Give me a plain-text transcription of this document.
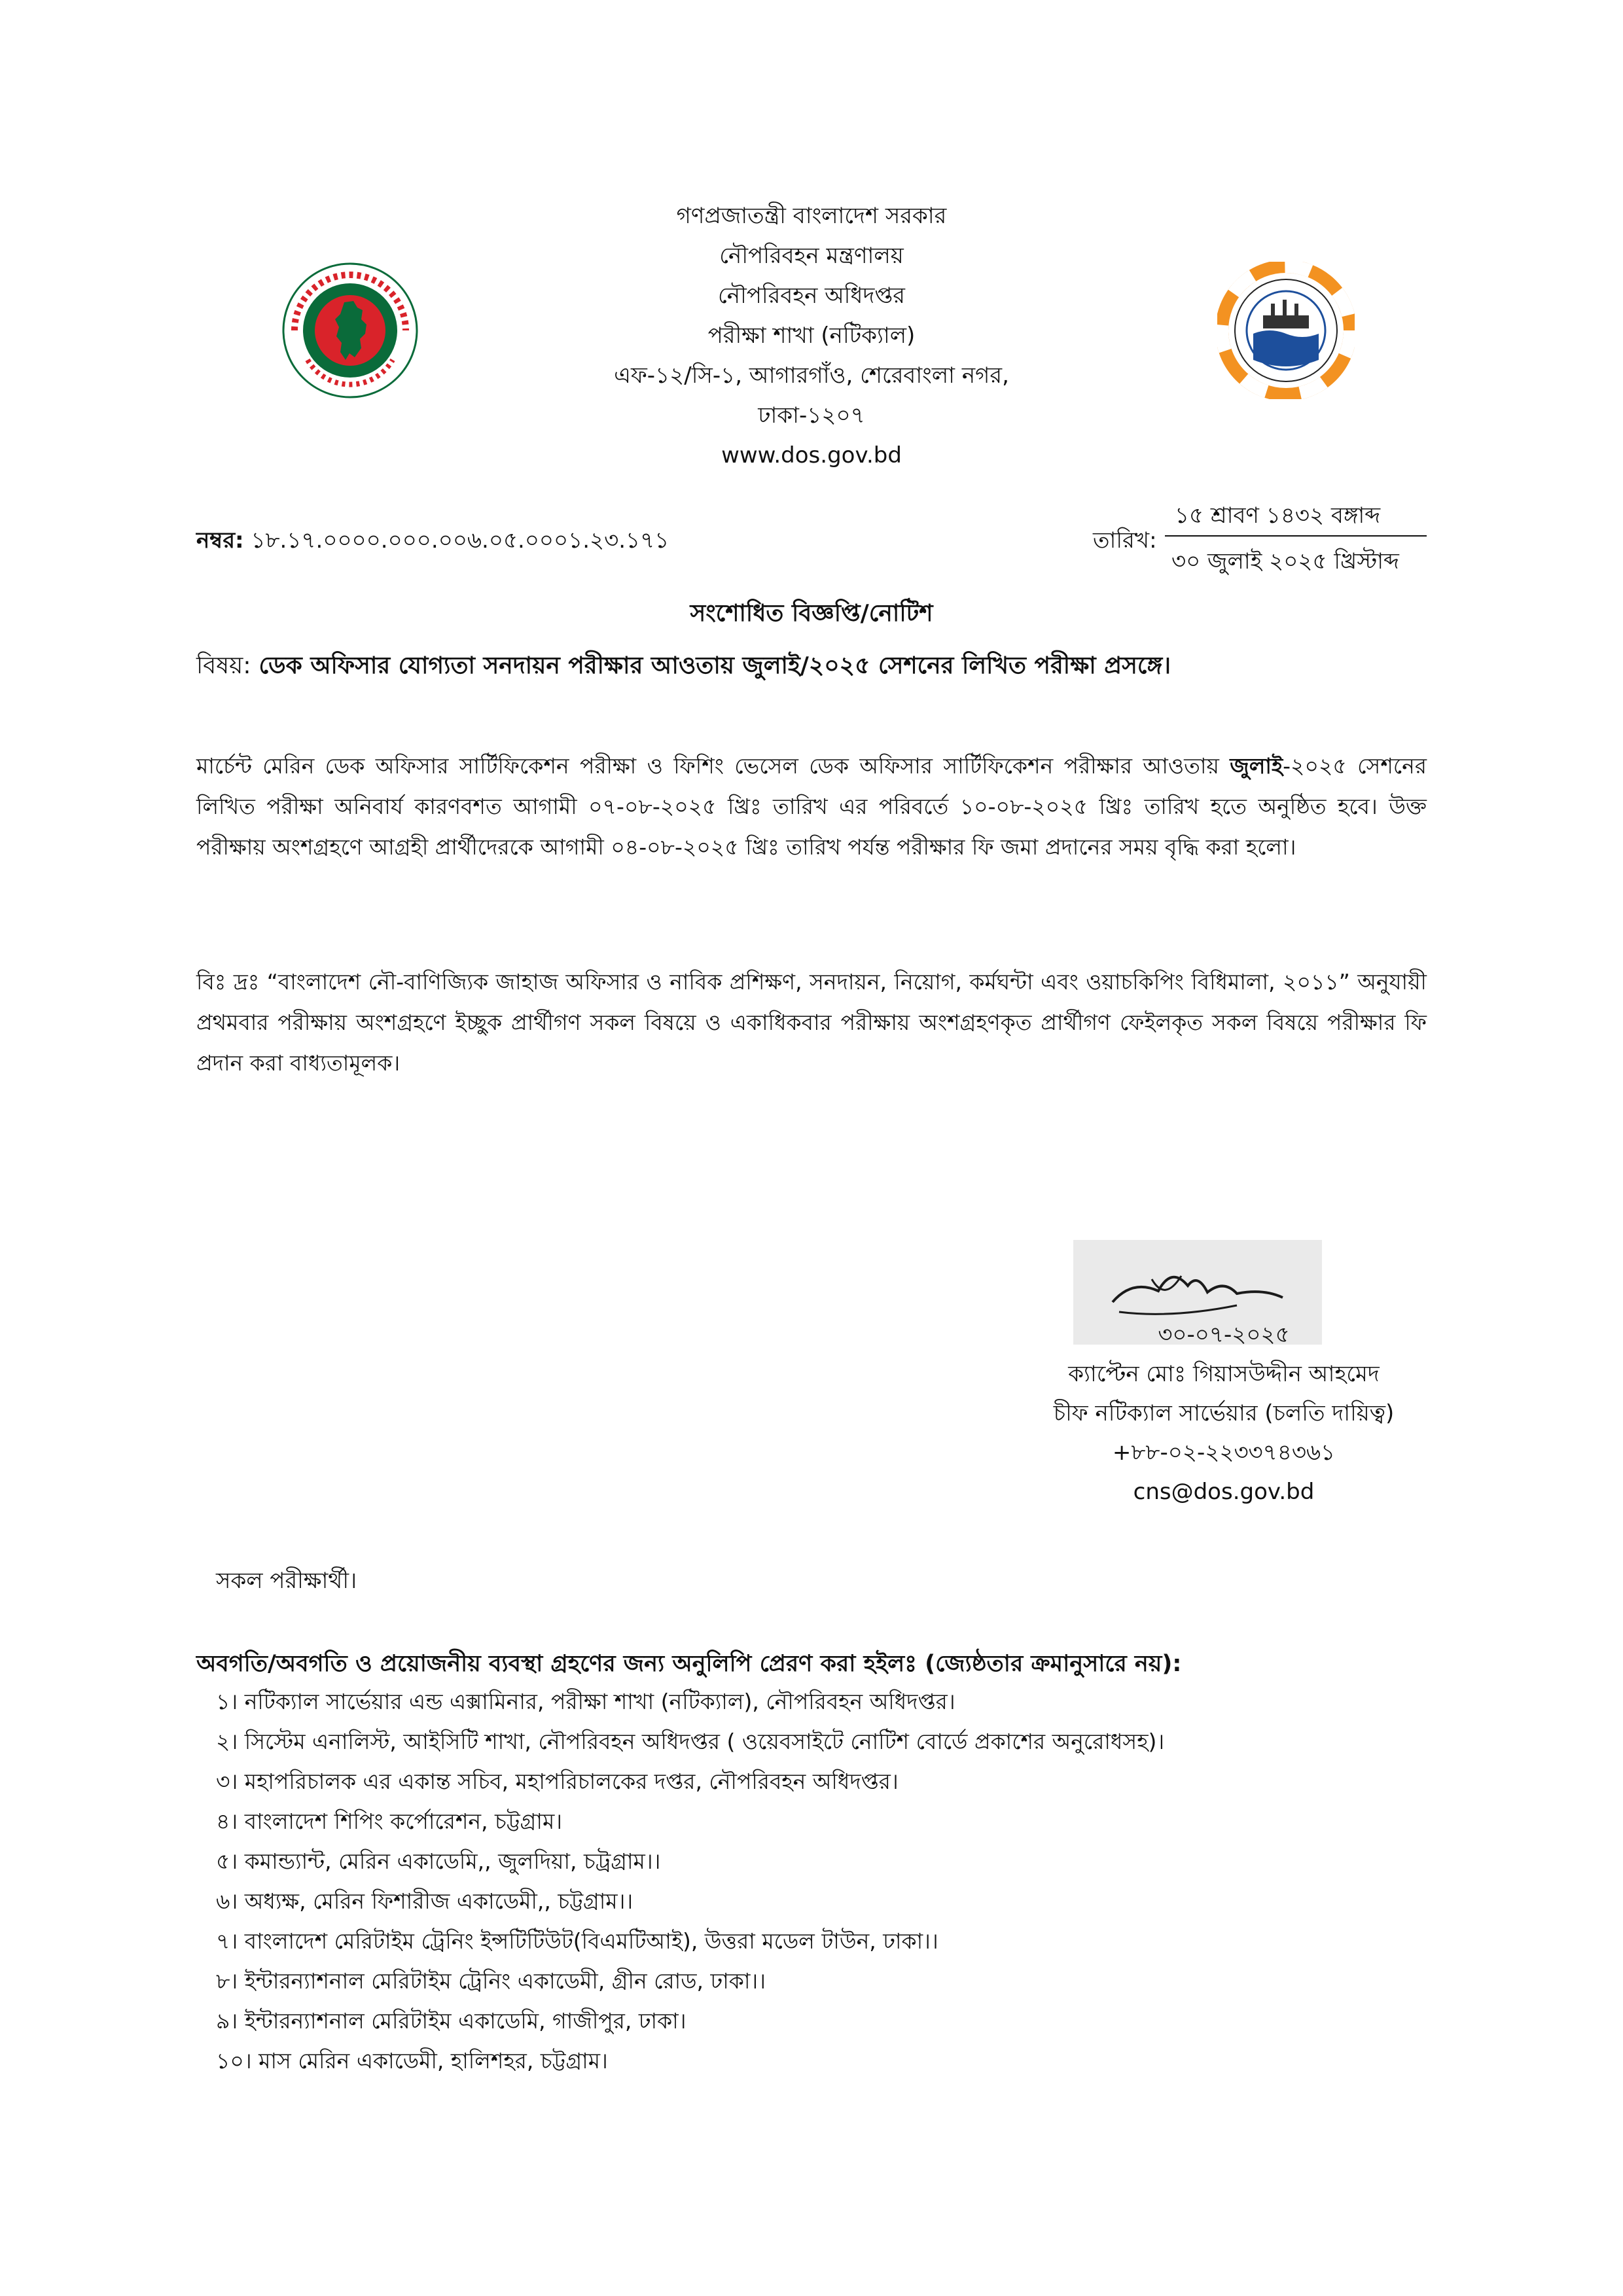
গণপ্রজাতন্ত্রী বাংলাদেশ সরকার
নৌপরিবহন মন্ত্রণালয়
নৌপরিবহন অধিদপ্তর
পরীক্ষা শাখা (নটিক্যাল)
এফ-১২/সি-১, আগারগাঁও, শেরেবাংলা নগর,
ঢাকা-১২০৭
www.dos.gov.bd
নম্বর: ১৮.১৭.০০০০.০০০.০০৬.০৫.০০০১.২৩.১৭১	তারিখ:
১৫ শ্রাবণ ১৪৩২ বঙ্গাব্দ
৩০ জুলাই ২০২৫ খ্রিস্টাব্দ
সংশোধিত বিজ্ঞপ্তি/নোটিশ
বিষয়: ডেক অফিসার যোগ্যতা সনদায়ন পরীক্ষার আওতায় জুলাই/২০২৫ সেশনের লিখিত পরীক্ষা প্রসঙ্গে।
মার্চেন্ট মেরিন ডেক অফিসার সার্টিফিকেশন পরীক্ষা ও ফিশিং ভেসেল ডেক অফিসার সার্টিফিকেশন পরীক্ষার আওতায় জুলাই-২০২৫ সেশনের লিখিত পরীক্ষা অনিবার্য কারণবশত আগামী ০৭-০৮-২০২৫ খ্রিঃ তারিখ এর পরিবর্তে ১০-০৮-২০২৫ খ্রিঃ তারিখ হতে অনুষ্ঠিত হবে। উক্ত পরীক্ষায় অংশগ্রহণে আগ্রহী প্রার্থীদেরকে আগামী ০৪-০৮-২০২৫ খ্রিঃ তারিখ পর্যন্ত পরীক্ষার ফি জমা প্রদানের সময় বৃদ্ধি করা হলো।
বিঃ দ্রঃ “বাংলাদেশ নৌ-বাণিজ্যিক জাহাজ অফিসার ও নাবিক প্রশিক্ষণ, সনদায়ন, নিয়োগ, কর্মঘন্টা এবং ওয়াচকিপিং বিধিমালা, ২০১১” অনুযায়ী প্রথমবার পরীক্ষায় অংশগ্রহণে ইচ্ছুক প্রার্থীগণ সকল বিষয়ে ও একাধিকবার পরীক্ষায় অংশগ্রহণকৃত প্রার্থীগণ ফেইলকৃত সকল বিষয়ে পরীক্ষার ফি প্রদান করা বাধ্যতামূলক।
৩০-০৭-২০২৫
ক্যাপ্টেন মোঃ গিয়াসউদ্দীন আহমেদ
চীফ নটিক্যাল সার্ভেয়ার (চলতি দায়িত্ব)
+৮৮-০২-২২৩৩৭৪৩৬১
cns@dos.gov.bd
সকল পরীক্ষার্থী।
অবগতি/অবগতি ও প্রয়োজনীয় ব্যবস্থা গ্রহণের জন্য অনুলিপি প্রেরণ করা হইলঃ (জ্যেষ্ঠতার ক্রমানুসারে নয়):
১। নটিক্যাল সার্ভেয়ার এন্ড এক্সামিনার, পরীক্ষা শাখা (নটিক্যাল), নৌপরিবহন অধিদপ্তর।
২। সিস্টেম এনালিস্ট, আইসিটি শাখা, নৌপরিবহন অধিদপ্তর ( ওয়েবসাইটে নোটিশ বোর্ডে প্রকাশের অনুরোধসহ)।
৩। মহাপরিচালক এর একান্ত সচিব, মহাপরিচালকের দপ্তর, নৌপরিবহন অধিদপ্তর।
৪। বাংলাদেশ শিপিং কর্পোরেশন, চট্টগ্রাম।
৫। কমান্ড্যান্ট, মেরিন একাডেমি,, জুলদিয়া, চট্রগ্রাম।।
৬। অধ্যক্ষ, মেরিন ফিশারীজ একাডেমী,, চট্টগ্রাম।।
৭। বাংলাদেশ মেরিটাইম ট্রেনিং ইন্সটিটিউট(বিএমটিআই), উত্তরা মডেল টাউন, ঢাকা।।
৮। ইন্টারন্যাশনাল মেরিটাইম ট্রেনিং একাডেমী, গ্রীন রোড, ঢাকা।।
৯। ইন্টারন্যাশনাল মেরিটাইম একাডেমি, গাজীপুর, ঢাকা।
১০। মাস মেরিন একাডেমী, হালিশহর, চট্টগ্রাম।
